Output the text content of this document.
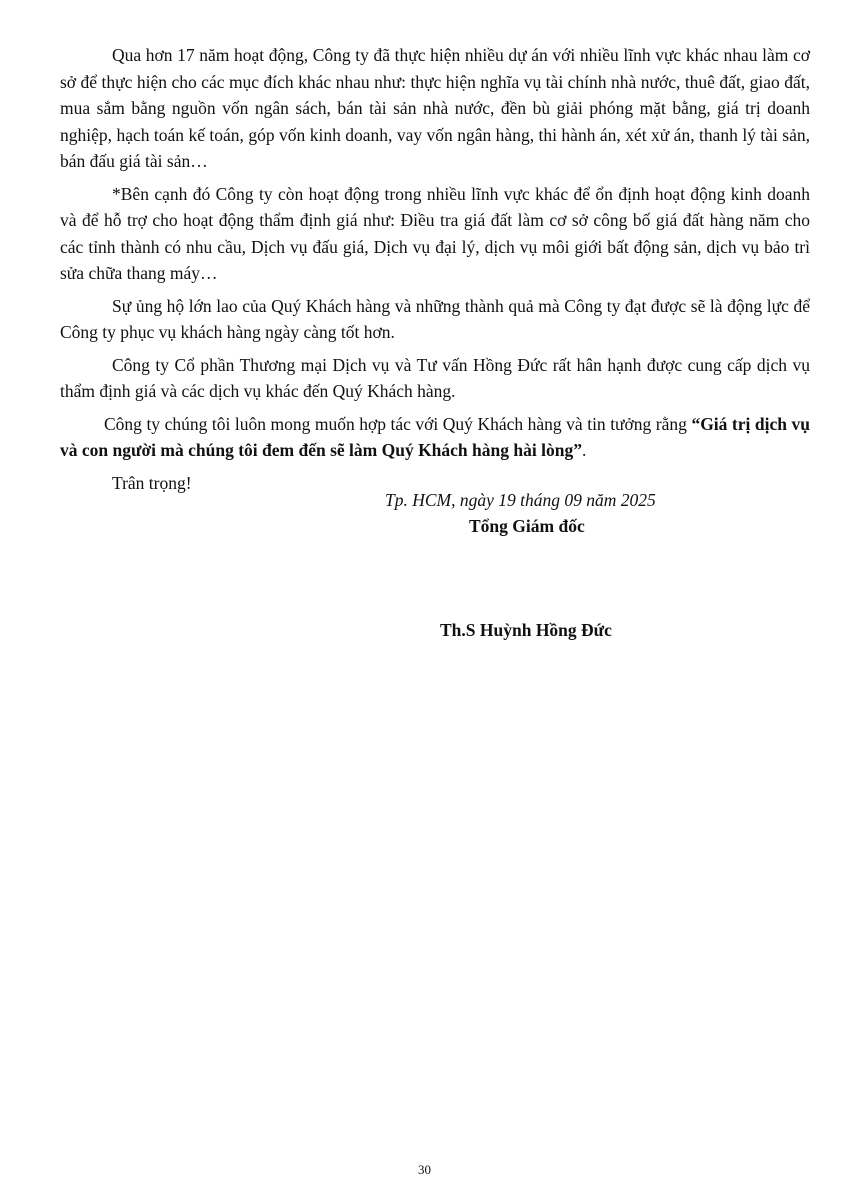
Qua hơn 17 năm hoạt động, Công ty đã thực hiện nhiều dự án với nhiều lĩnh vực khác nhau làm cơ sở để thực hiện cho các mục đích khác nhau như: thực hiện nghĩa vụ tài chính nhà nước, thuê đất, giao đất, mua sắm bằng nguồn vốn ngân sách, bán tài sản nhà nước, đền bù giải phóng mặt bằng, giá trị doanh nghiệp, hạch toán kế toán, góp vốn kinh doanh, vay vốn ngân hàng, thi hành án, xét xử án, thanh lý tài sản, bán đấu giá tài sản…

*Bên cạnh đó Công ty còn hoạt động trong nhiều lĩnh vực khác để ổn định hoạt động kinh doanh và để hỗ trợ cho hoạt động thẩm định giá như: Điều tra giá đất làm cơ sở công bố giá đất hàng năm cho các tỉnh thành có nhu cầu, Dịch vụ đấu giá, Dịch vụ đại lý, dịch vụ môi giới bất động sản, dịch vụ bảo trì sửa chữa thang máy…

Sự ủng hộ lớn lao của Quý Khách hàng và những thành quả mà Công ty đạt được sẽ là động lực để Công ty phục vụ khách hàng ngày càng tốt hơn.

Công ty Cổ phần Thương mại Dịch vụ và Tư vấn Hồng Đức rất hân hạnh được cung cấp dịch vụ thẩm định giá và các dịch vụ khác đến Quý Khách hàng.

Công ty chúng tôi luôn mong muốn hợp tác với Quý Khách hàng và tin tưởng rằng “Giá trị dịch vụ và con người mà chúng tôi đem đến sẽ làm Quý Khách hàng hài lòng”.

Trân trọng!

Tp. HCM, ngày 19 tháng 09 năm 2025
Tổng Giám đốc
Th.S Huỳnh Hồng Đức
30
